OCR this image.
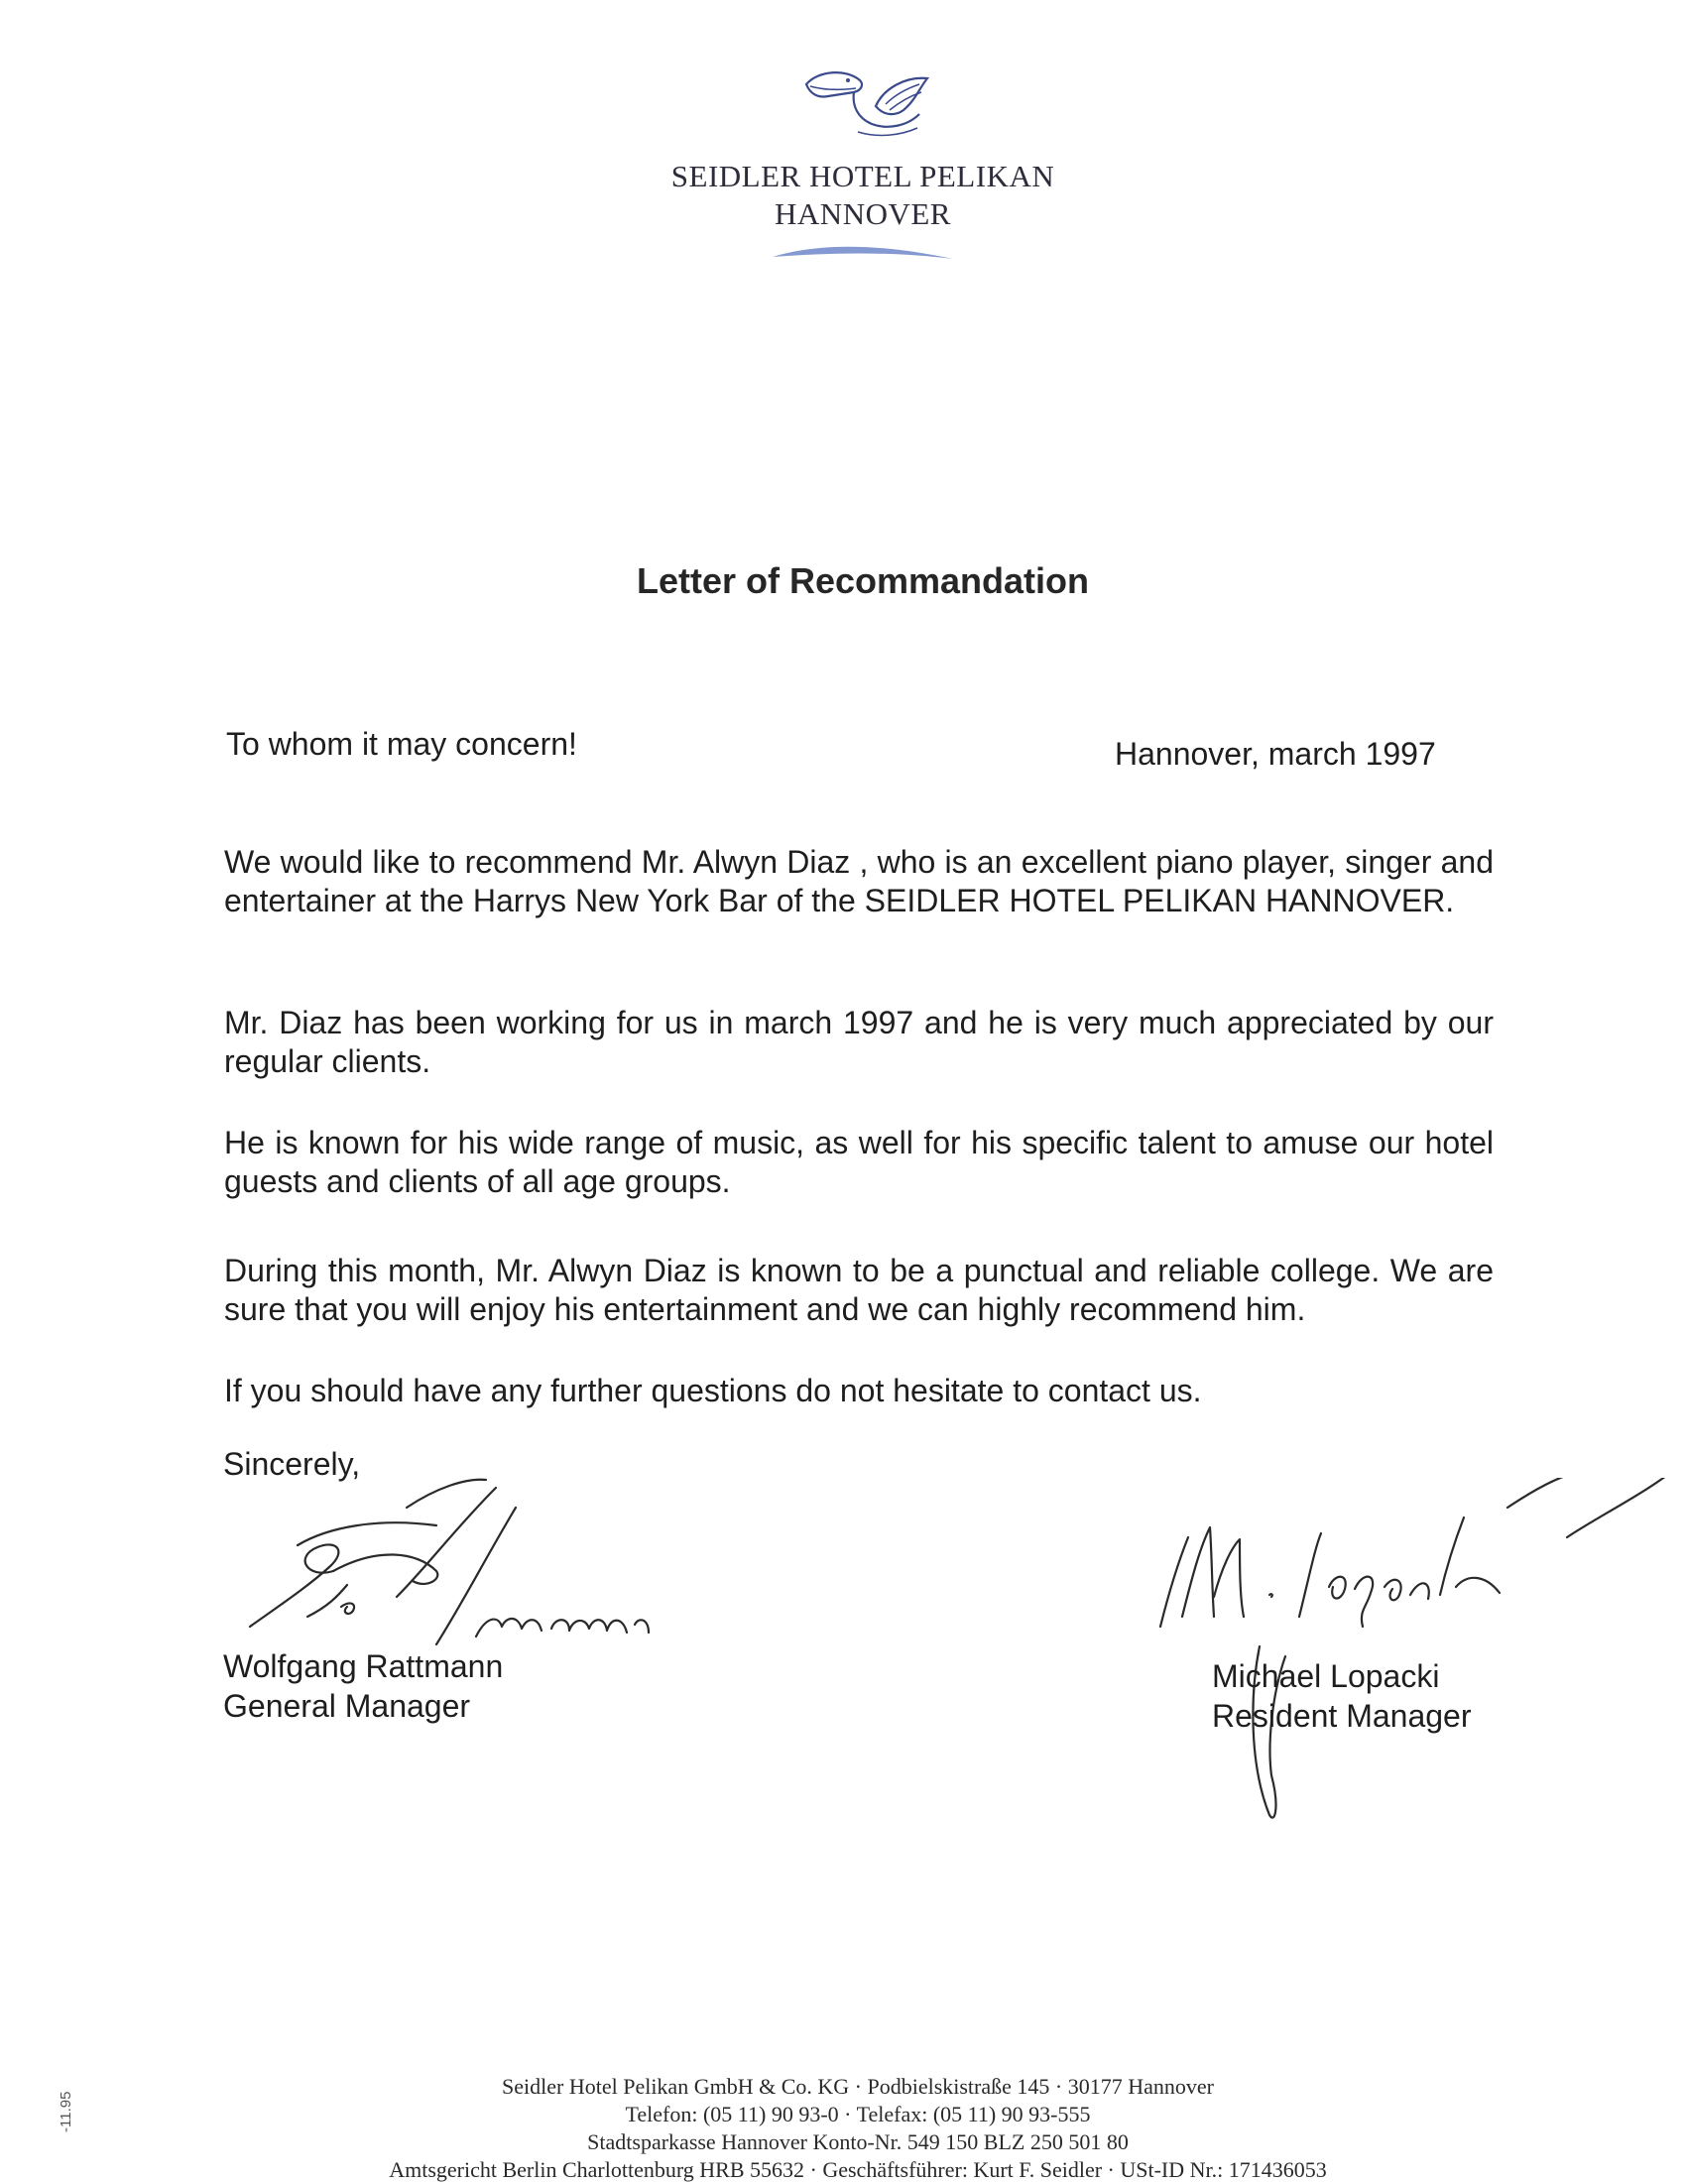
SEIDLER HOTEL PELIKAN
HANNOVER
Letter of Recommandation
To whom it may concern!	Hannover, march 1997

We would like to recommend Mr. Alwyn Diaz , who is an excellent piano player, singer and entertainer at the Harrys New York Bar of the SEIDLER HOTEL PELIKAN HANNOVER.

Mr. Diaz has been working for us in march 1997 and he is very much appreciated by our regular clients.

He is known for his wide range of music, as well for his specific talent to amuse our hotel guests and clients of all age groups.

During this month, Mr. Alwyn Diaz is known to be a punctual and reliable college. We are sure that you will enjoy his entertainment and we can highly recommend him.

If you should have any further questions do not hesitate to contact us.

Sincerely,
Wolfgang Rattmann
General Manager
Michael Lopacki
Resident Manager
Seidler Hotel Pelikan GmbH & Co. KG · Podbielskistraße 145 · 30177 Hannover
Telefon: (05 11) 90 93-0 · Telefax: (05 11) 90 93-555
Stadtsparkasse Hannover Konto-Nr. 549 150 BLZ 250 501 80
Amtsgericht Berlin Charlottenburg HRB 55632 · Geschäftsführer: Kurt F. Seidler · USt-ID Nr.: 171436053
-11.95
